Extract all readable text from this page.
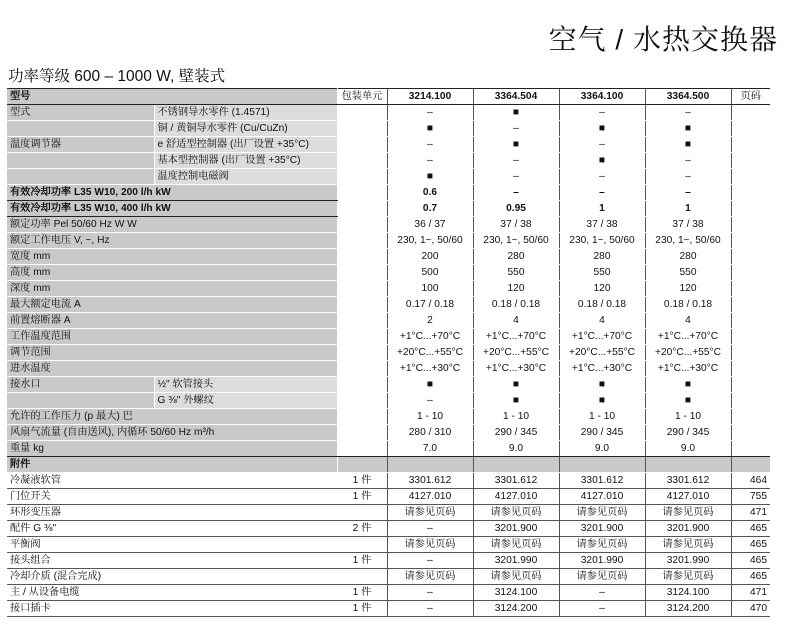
空气 / 水热交换器
功率等级 600 – 1000 W, 壁装式
型号		包装单元	3214.100	3364.504	3364.100	3364.500	页码
型式	不锈钢导水零件 (1.4571)		–	■	–	–	
	铜 / 黄铜导水零件 (Cu/CuZn)		■	–	■	■	
温度调节器	e 舒适型控制器 (出厂设置 +35°C)		–	■	–	■	
	基本型控制器 (出厂设置 +35°C)		–	–	■	–	
	温度控制电磁阀		■	–	–	–	
有效冷却功率 L35 W10, 200 l/h kW			0.6	–	–	–	
有效冷却功率 L35 W10, 400 l/h kW			0.7	0.95	1	1	
额定功率 Pel 50/60 Hz W W			36 / 37	37 / 38	37 / 38	37 / 38	
额定工作电压 V, ~, Hz			230, 1~, 50/60	230, 1~, 50/60	230, 1~, 50/60	230, 1~, 50/60	
宽度 mm			200	280	280	280	
高度 mm			500	550	550	550	
深度 mm			100	120	120	120	
最大额定电流 A			0.17 / 0.18	0.18 / 0.18	0.18 / 0.18	0.18 / 0.18	
前置熔断器 A			2	4	4	4	
工作温度范围			+1°C...+70°C	+1°C...+70°C	+1°C...+70°C	+1°C...+70°C	
调节范围			+20°C...+55°C	+20°C...+55°C	+20°C...+55°C	+20°C...+55°C	
进水温度			+1°C...+30°C	+1°C...+30°C	+1°C...+30°C	+1°C...+30°C	
接水口	½" 软管接头		■	■	■	■	
	G ⅜" 外螺纹		–	■	■	■	
允许的工作压力 (p 最大) 巴			1 - 10	1 - 10	1 - 10	1 - 10	
风扇气流量 (自由送风), 内循环 50/60 Hz m³/h			280 / 310	290 / 345	290 / 345	290 / 345	
重量 kg			7.0	9.0	9.0	9.0	
附件							
冷凝液软管		1 件	3301.612	3301.612	3301.612	3301.612	464
门位开关		1 件	4127.010	4127.010	4127.010	4127.010	755
环形变压器			请参见页码	请参见页码	请参见页码	请参见页码	471
配件 G ⅜"		2 件	–	3201.900	3201.900	3201.900	465
平衡阀			请参见页码	请参见页码	请参见页码	请参见页码	465
接头组合		1 件	–	3201.990	3201.990	3201.990	465
冷却介质 (混合完成)			请参见页码	请参见页码	请参见页码	请参见页码	465
主 / 从设备电缆		1 件	–	3124.100	–	3124.100	471
接口插卡		1 件	–	3124.200	–	3124.200	470
